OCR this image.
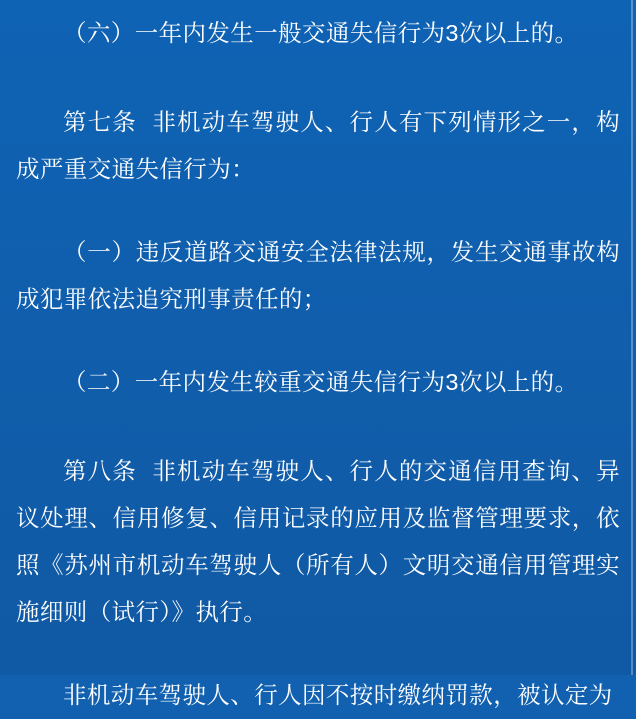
（六）一年内发生一般交通失信行为3次以上的。

第七条  非机动车驾驶人、行人有下列情形之一，构成严重交通失信行为：

（一）违反道路交通安全法律法规，发生交通事故构成犯罪依法追究刑事责任的；

（二）一年内发生较重交通失信行为3次以上的。

第八条  非机动车驾驶人、行人的交通信用查询、异议处理、信用修复、信用记录的应用及监督管理要求，依照《苏州市机动车驾驶人（所有人）文明交通信用管理实施细则（试行）》执行。

非机动车驾驶人、行人因不按时缴纳罚款，被认定为
